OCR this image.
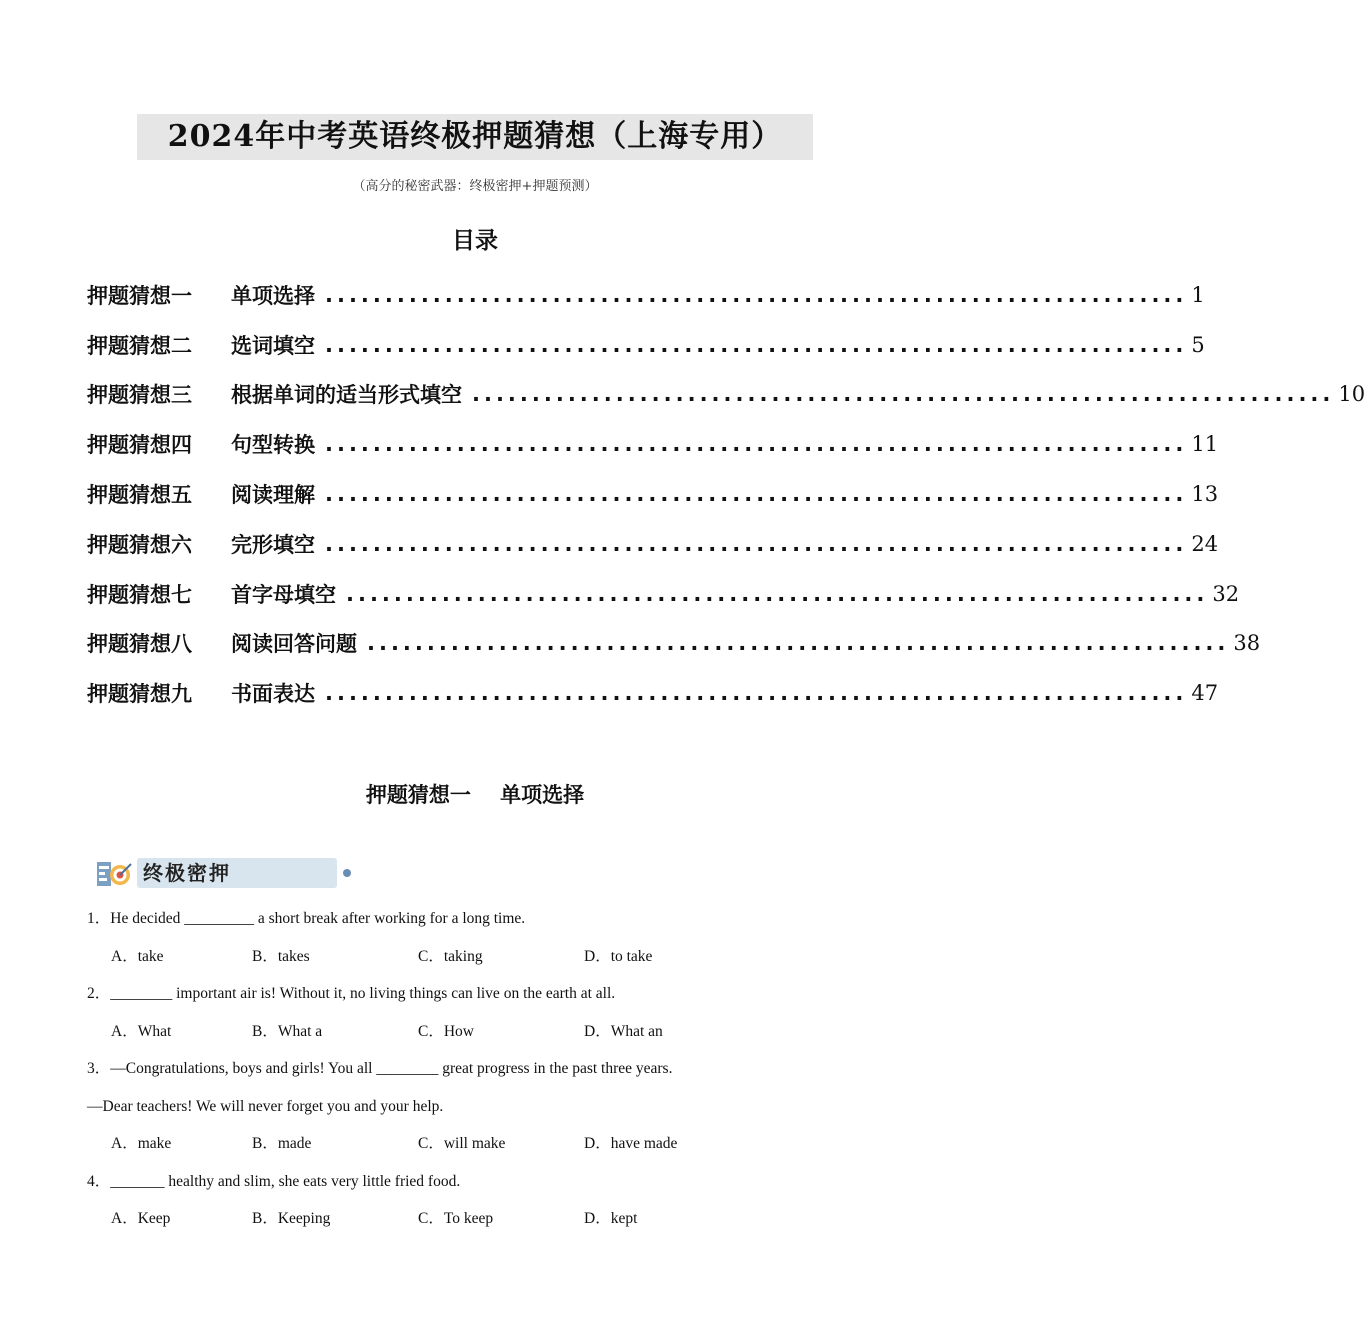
2024年中考英语终极押题猜想（上海专用）
（高分的秘密武器：终极密押+押题预测）
目录
押题猜想一	单项选择 ........................................................................ 1
押题猜想二	选词填空 ........................................................................ 5
押题猜想三	根据单词的适当形式填空 ........................................................................ 10
押题猜想四	句型转换 ........................................................................ 11
押题猜想五	阅读理解 ........................................................................ 13
押题猜想六	完形填空 ........................................................................ 24
押题猜想七	首字母填空 ........................................................................ 32
押题猜想八	阅读回答问题 ........................................................................ 38
押题猜想九	书面表达 ........................................................................ 47
押题猜想一    单项选择
终极密押
1．He decided _________ a short break after working for a long time.
A．take	B．takes	C．taking	D．to take
2．________ important air is! Without it, no living things can live on the earth at all.
A．What	B．What a	C．How	D．What an
3．—Congratulations, boys and girls! You all ________ great progress in the past three years.
—Dear teachers! We will never forget you and your help.
A．make	B．made	C．will make	D．have made
4．_______ healthy and slim, she eats very little fried food.
A．Keep	B．Keeping	C．To keep	D．kept
